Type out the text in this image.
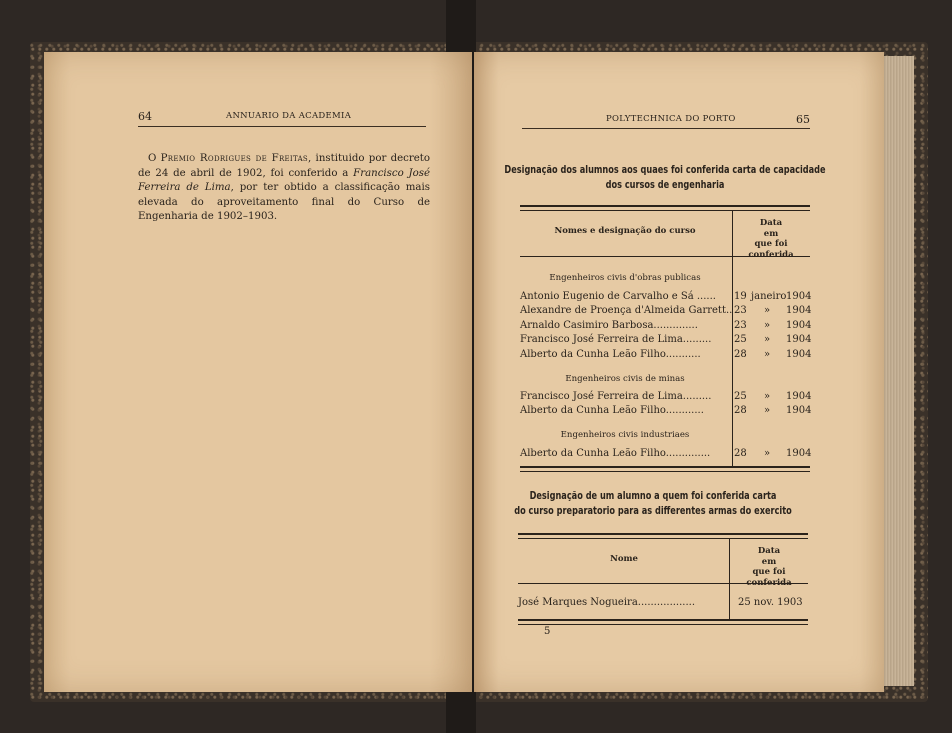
64	ANNUARIO DA ACADEMIA
O Premio Rodrigues de Freitas, instituido por decreto de 24 de abril de 1902, foi conferido a Francisco José Ferreira de Lima, por ter obtido a classificação mais elevada do aproveitamento final do Curso de Engenharia de 1902–1903.
POLYTECHNICA DO PORTO	65
Designação dos alumnos aos quaes foi conferida carta de capacidade
dos cursos de engenharia
Nomes e designação do curso
Data
em
que foi conferida
Engenheiros civis d'obras publicas
Antonio Eugenio de Carvalho e Sá ...... 19 janeiro 1904
Alexandre de Proença d'Almeida Garrett.. 23 » 1904
Arnaldo Casimiro Barbosa..............	23 » 1904
Francisco José Ferreira de Lima......... 25 » 1904
Alberto da Cunha Leão Filho...........	28 » 1904
Engenheiros civis de minas
Francisco José Ferreira de Lima......... 25 » 1904
Alberto da Cunha Leão Filho............	28 » 1904
Engenheiros civis industriaes
Alberto da Cunha Leão Filho.............. 28 » 1904
Designação de um alumno a quem foi conferida carta
do curso preparatorio para as differentes armas do exercito
Nome
Data
em
que foi conferida
José Marques Nogueira..................	25 nov. 1903
5
